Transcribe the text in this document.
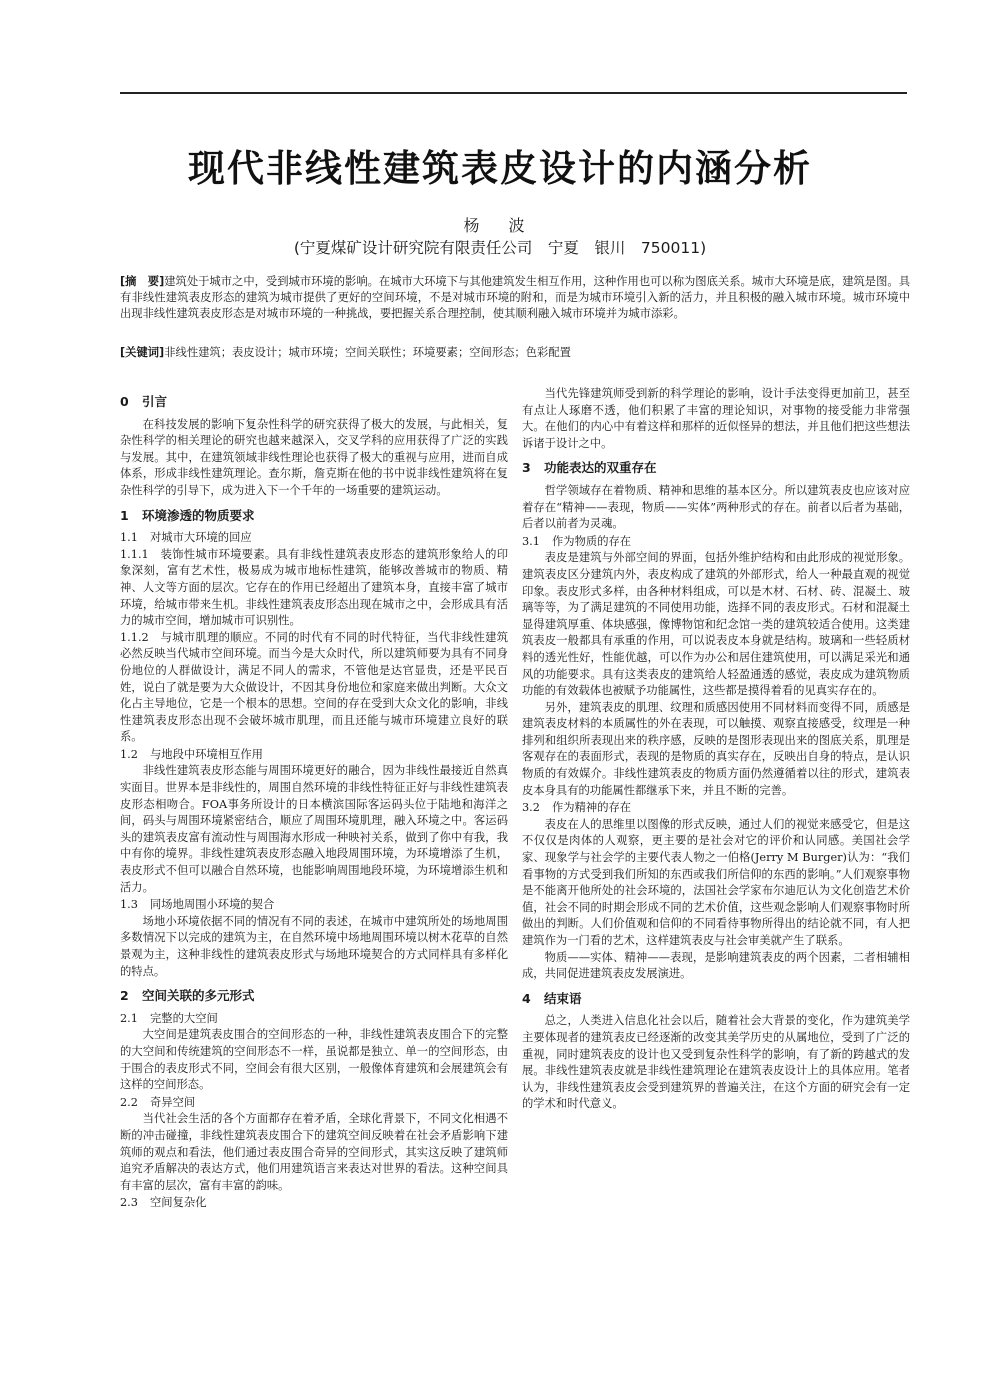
现代非线性建筑表皮设计的内涵分析
杨 波
(宁夏煤矿设计研究院有限责任公司　宁夏　银川　750011)
[摘　要]建筑处于城市之中，受到城市环境的影响。在城市大环境下与其他建筑发生相互作用，这种作用也可以称为图底关系。城市大环境是底，建筑是图。具有非线性建筑表皮形态的建筑为城市提供了更好的空间环境，不是对城市环境的附和，而是为城市环境引入新的活力，并且积极的融入城市环境。城市环境中出现非线性建筑表皮形态是对城市环境的一种挑战，要把握关系合理控制，使其顺利融入城市环境并为城市添彩。
[关键词]非线性建筑；表皮设计；城市环境；空间关联性；环境要素；空间形态；色彩配置
0 引言

在科技发展的影响下复杂性科学的研究获得了极大的发展，与此相关，复杂性科学的相关理论的研究也越来越深入，交叉学科的应用获得了广泛的实践与发展。其中，在建筑领域非线性理论也获得了极大的重视与应用，进而自成体系，形成非线性建筑理论。查尔斯，詹克斯在他的书中说非线性建筑将在复杂性科学的引导下，成为进入下一个千年的一场重要的建筑运动。

1 环境渗透的物质要求
1.1 对城市大环境的回应

1.1.1　装饰性城市环境要素。具有非线性建筑表皮形态的建筑形象给人的印象深刻，富有艺术性，极易成为城市地标性建筑，能够改善城市的物质、精神、人文等方面的层次。它存在的作用已经超出了建筑本身，直接丰富了城市环境，给城市带来生机。非线性建筑表皮形态出现在城市之中，会形成具有活力的城市空间，增加城市可识别性。

1.1.2　与城市肌理的顺应。不同的时代有不同的时代特征，当代非线性建筑必然反映当代城市空间环境。而当今是大众时代，所以建筑师要为具有不同身份地位的人群做设计，满足不同人的需求，不管他是达官显贵，还是平民百姓，说白了就是要为大众做设计，不因其身份地位和家庭来做出判断。大众文化占主导地位，它是一个根本的思想。空间的存在受到大众文化的影响，非线性建筑表皮形态出现不会破坏城市肌理，而且还能与城市环境建立良好的联系。

1.2 与地段中环境相互作用

非线性建筑表皮形态能与周围环境更好的融合，因为非线性最接近自然真实面目。世界本是非线性的，周围自然环境的非线性特征正好与非线性建筑表皮形态相吻合。FOA事务所设计的日本横滨国际客运码头位于陆地和海洋之间，码头与周围环境紧密结合，顺应了周围环境肌理，融入环境之中。客运码头的建筑表皮富有流动性与周围海水形成一种映衬关系，做到了你中有我，我中有你的境界。非线性建筑表皮形态融入地段周围环境，为环境增添了生机，表皮形式不但可以融合自然环境，也能影响周围地段环境，为环境增添生机和活力。

1.3 同场地周围小环境的契合

场地小环境依据不同的情况有不同的表述，在城市中建筑所处的场地周围多数情况下以完成的建筑为主，在自然环境中场地周围环境以树木花草的自然景观为主，这种非线性的建筑表皮形式与场地环境契合的方式同样具有多样化的特点。

2 空间关联的多元形式
2.1 完整的大空间

大空间是建筑表皮围合的空间形态的一种，非线性建筑表皮围合下的完整的大空间和传统建筑的空间形态不一样，虽说都是独立、单一的空间形态，由于围合的表皮形式不同，空间会有很大区别，一般像体育建筑和会展建筑会有这样的空间形态。

2.2 奇异空间

当代社会生活的各个方面都存在着矛盾，全球化背景下，不同文化相遇不断的冲击碰撞，非线性建筑表皮围合下的建筑空间反映着在社会矛盾影响下建筑师的观点和看法，他们通过表皮围合奇异的空间形式，其实这反映了建筑师追究矛盾解决的表达方式，他们用建筑语言来表达对世界的看法。这种空间具有丰富的层次，富有丰富的韵味。

2.3 空间复杂化

当代先锋建筑师受到新的科学理论的影响，设计手法变得更加前卫，甚至有点让人琢磨不透，他们积累了丰富的理论知识，对事物的接受能力非常强大。在他们的内心中有着这样和那样的近似怪异的想法，并且他们把这些想法诉诸于设计之中。

3 功能表达的双重存在

哲学领域存在着物质、精神和思维的基本区分。所以建筑表皮也应该对应着存在“精神——表现，物质——实体”两种形式的存在。前者以后者为基础，后者以前者为灵魂。

3.1 作为物质的存在

表皮是建筑与外部空间的界面，包括外维护结构和由此形成的视觉形象。建筑表皮区分建筑内外，表皮构成了建筑的外部形式，给人一种最直观的视觉印象。表皮形式多样，由各种材料组成，可以是木材、石材、砖、混凝土、玻璃等等，为了满足建筑的不同使用功能，选择不同的表皮形式。石材和混凝土显得建筑厚重、体块感强，像博物馆和纪念馆一类的建筑较适合使用。这类建筑表皮一般都具有承重的作用，可以说表皮本身就是结构。玻璃和一些轻质材料的透光性好，性能优越，可以作为办公和居住建筑使用，可以满足采光和通风的功能要求。具有这类表皮的建筑给人轻盈通透的感觉，表皮成为建筑物质功能的有效载体也被赋予功能属性，这些都是摸得着看的见真实存在的。

另外，建筑表皮的肌理、纹理和质感因使用不同材料而变得不同，质感是建筑表皮材料的本质属性的外在表现，可以触摸、观察直接感受，纹理是一种排列和组织所表现出来的秩序感，反映的是图形表现出来的图底关系，肌理是客观存在的表面形式，表现的是物质的真实存在，反映出自身的特点，是认识物质的有效媒介。非线性建筑表皮的物质方面仍然遵循着以往的形式，建筑表皮本身具有的功能属性都继承下来，并且不断的完善。

3.2 作为精神的存在

表皮在人的思维里以图像的形式反映，通过人们的视觉来感受它，但是这不仅仅是肉体的人观察，更主要的是社会对它的评价和认同感。美国社会学家、现象学与社会学的主要代表人物之一伯格(Jerry M Burger)认为：“我们看事物的方式受到我们所知的东西或我们所信仰的东西的影响。”人们观察事物是不能离开他所处的社会环境的，法国社会学家布尔迪厄认为文化创造艺术价值，社会不同的时期会形成不同的艺术价值，这些观念影响人们观察事物时所做出的判断。人们价值观和信仰的不同看待事物所得出的结论就不同，有人把建筑作为一门看的艺术，这样建筑表皮与社会审美就产生了联系。

物质——实体、精神——表现，是影响建筑表皮的两个因素，二者相辅相成，共同促进建筑表皮发展演进。

4 结束语

总之，人类进入信息化社会以后，随着社会大背景的变化，作为建筑美学主要体现者的建筑表皮已经逐渐的改变其美学历史的从属地位，受到了广泛的重视，同时建筑表皮的设计也又受到复杂性科学的影响，有了新的跨越式的发展。非线性建筑表皮就是非线性建筑理论在建筑表皮设计上的具体应用。笔者认为，非线性建筑表皮会受到建筑界的普遍关注，在这个方面的研究会有一定的学术和时代意义。
